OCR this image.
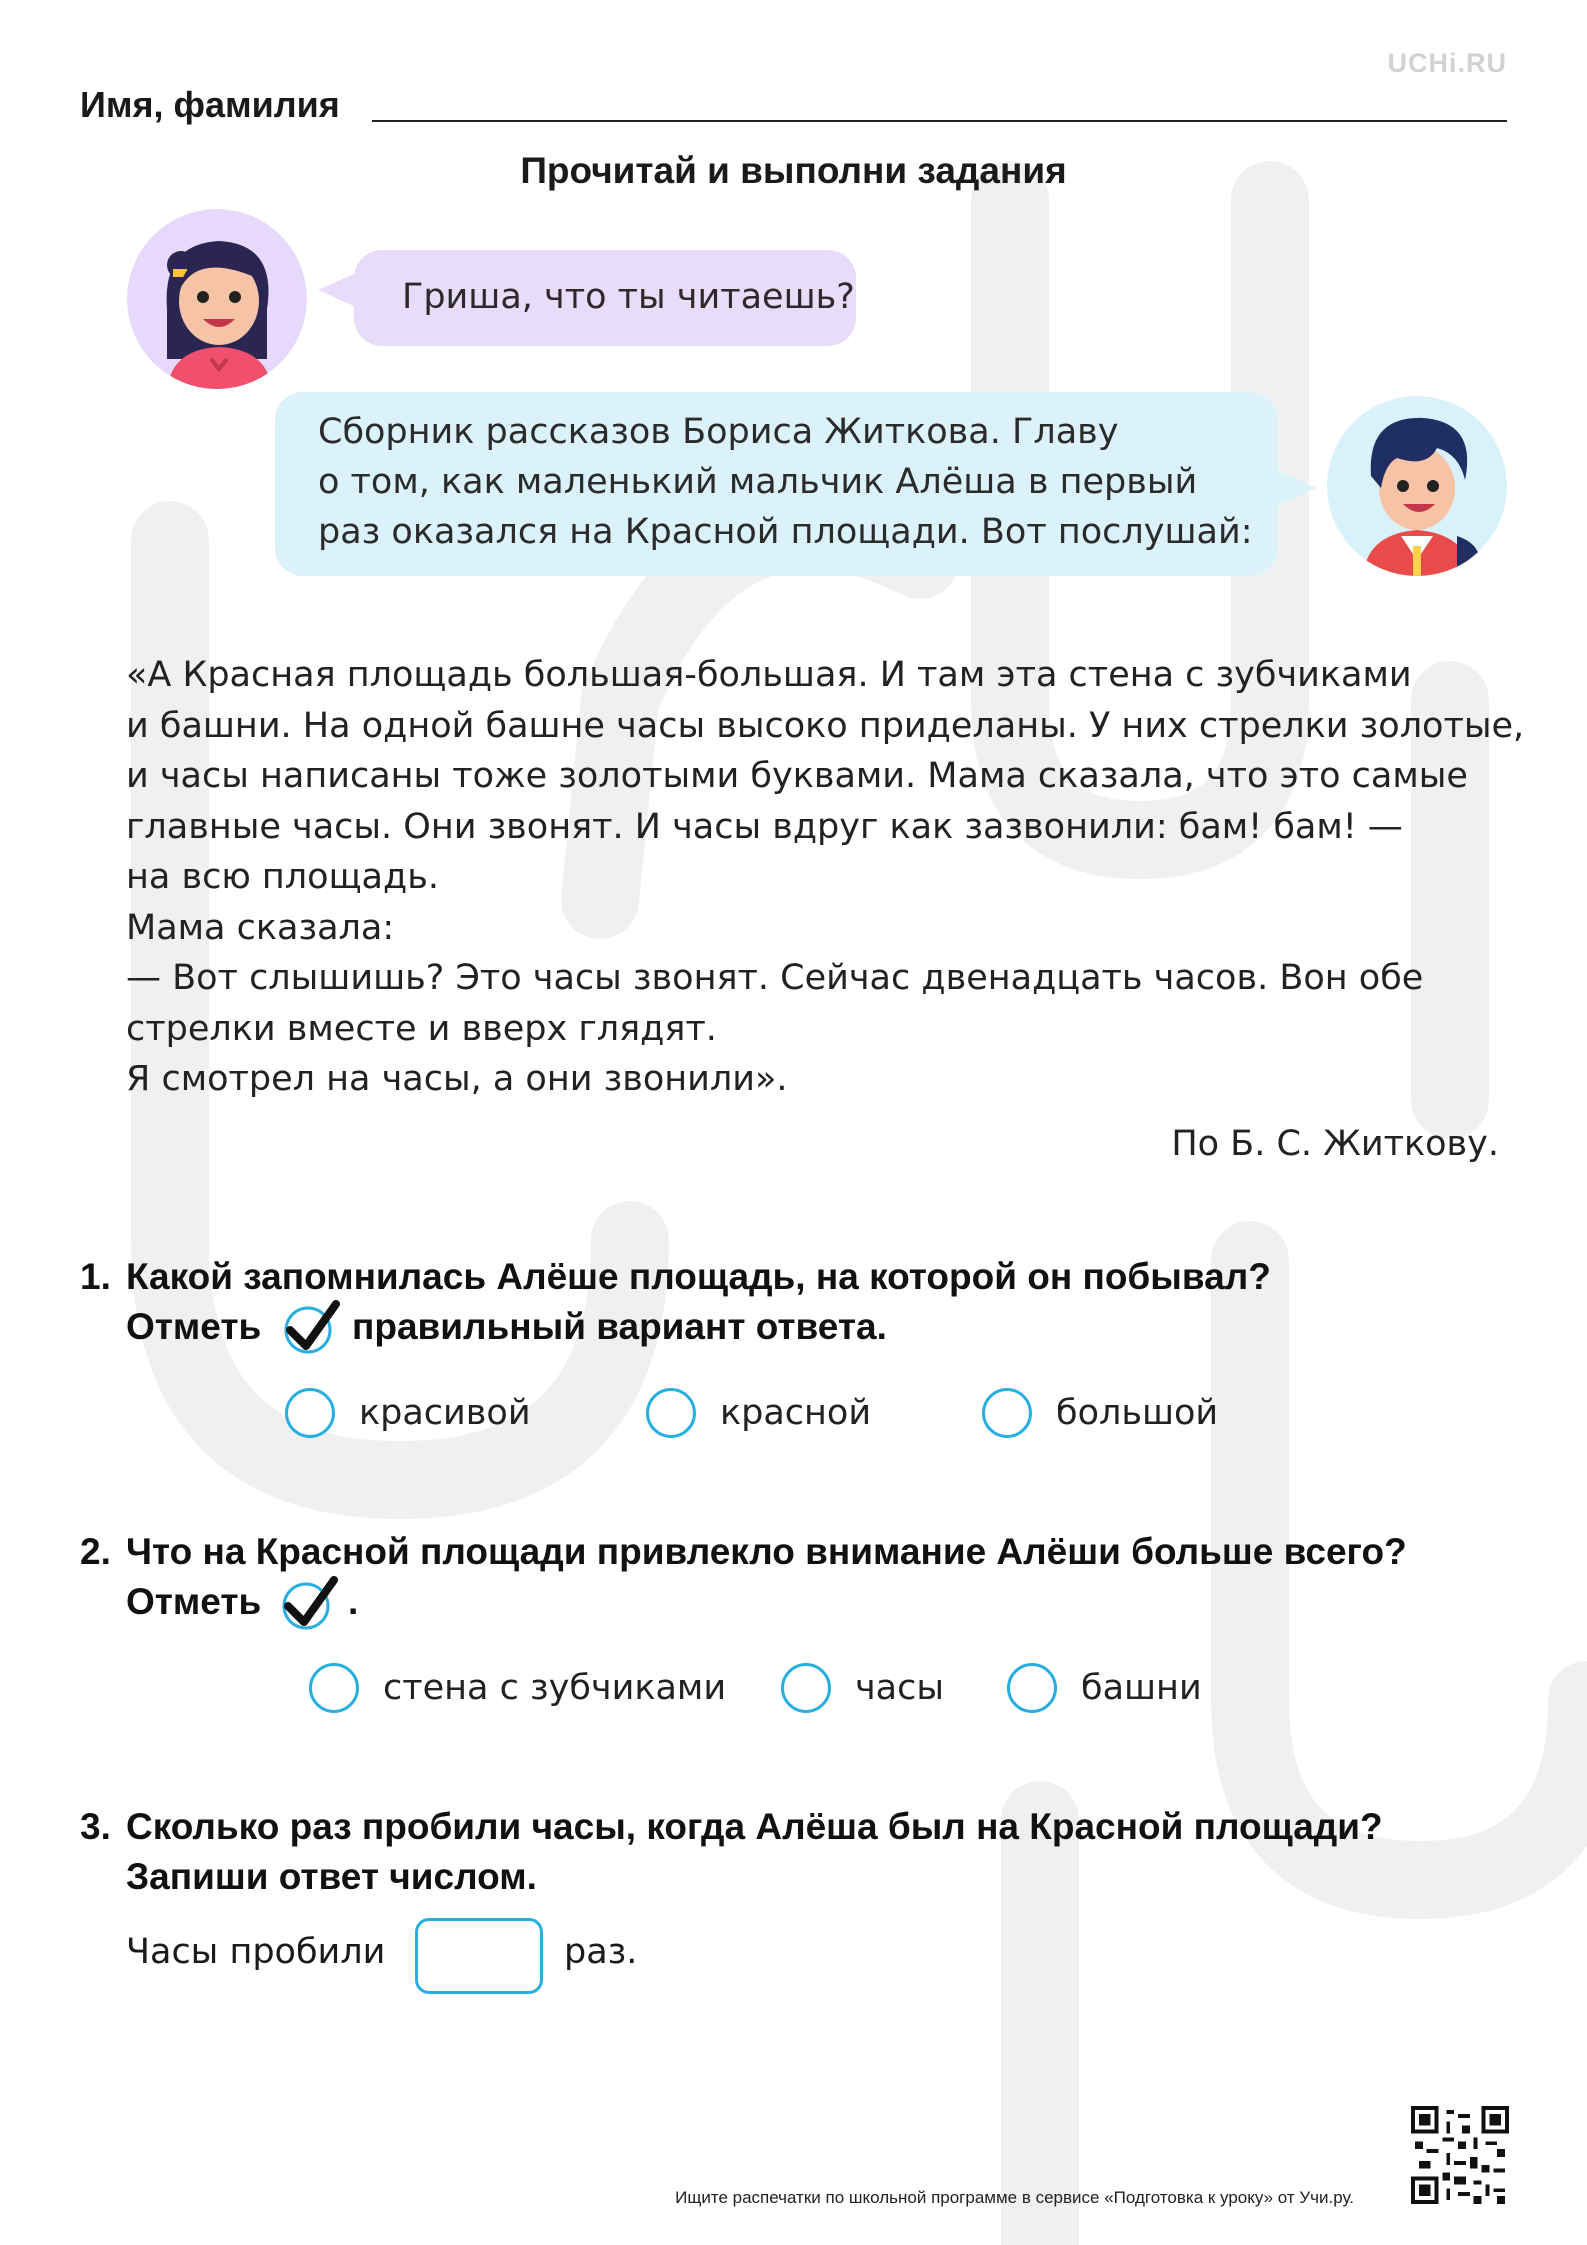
UCHi.RU
Имя, фамилия
Прочитай и выполни задания
Гриша, что ты читаешь?
Сборник рассказов Бориса Житкова. Главу
о том, как маленький мальчик Алёша в первый
раз оказался на Красной площади. Вот послушай:
«А Красная площадь большая-большая. И там эта стена с зубчиками
и башни. На одной башне часы высоко приделаны. У них стрелки золотые,
и часы написаны тоже золотыми буквами. Мама сказала, что это самые
главные часы. Они звонят. И часы вдруг как зазвонили: бам! бам! —
на всю площадь.
Мама сказала:
— Вот слышишь? Это часы звонят. Сейчас двенадцать часов. Вон обе
стрелки вместе и вверх глядят.
Я смотрел на часы, а они звонили».
По Б. С. Житкову.
1. Какой запомнилась Алёше площадь, на которой он побывал?
Отметь правильный вариант ответа.
красивой	красной	большой
2. Что на Красной площади привлекло внимание Алёши больше всего?
Отметь .
стена с зубчиками	часы	башни
3. Сколько раз пробили часы, когда Алёша был на Красной площади?
Запиши ответ числом.
Часы пробили	раз.
Ищите распечатки по школьной программе в сервисе «Подготовка к уроку» от Учи.ру.
